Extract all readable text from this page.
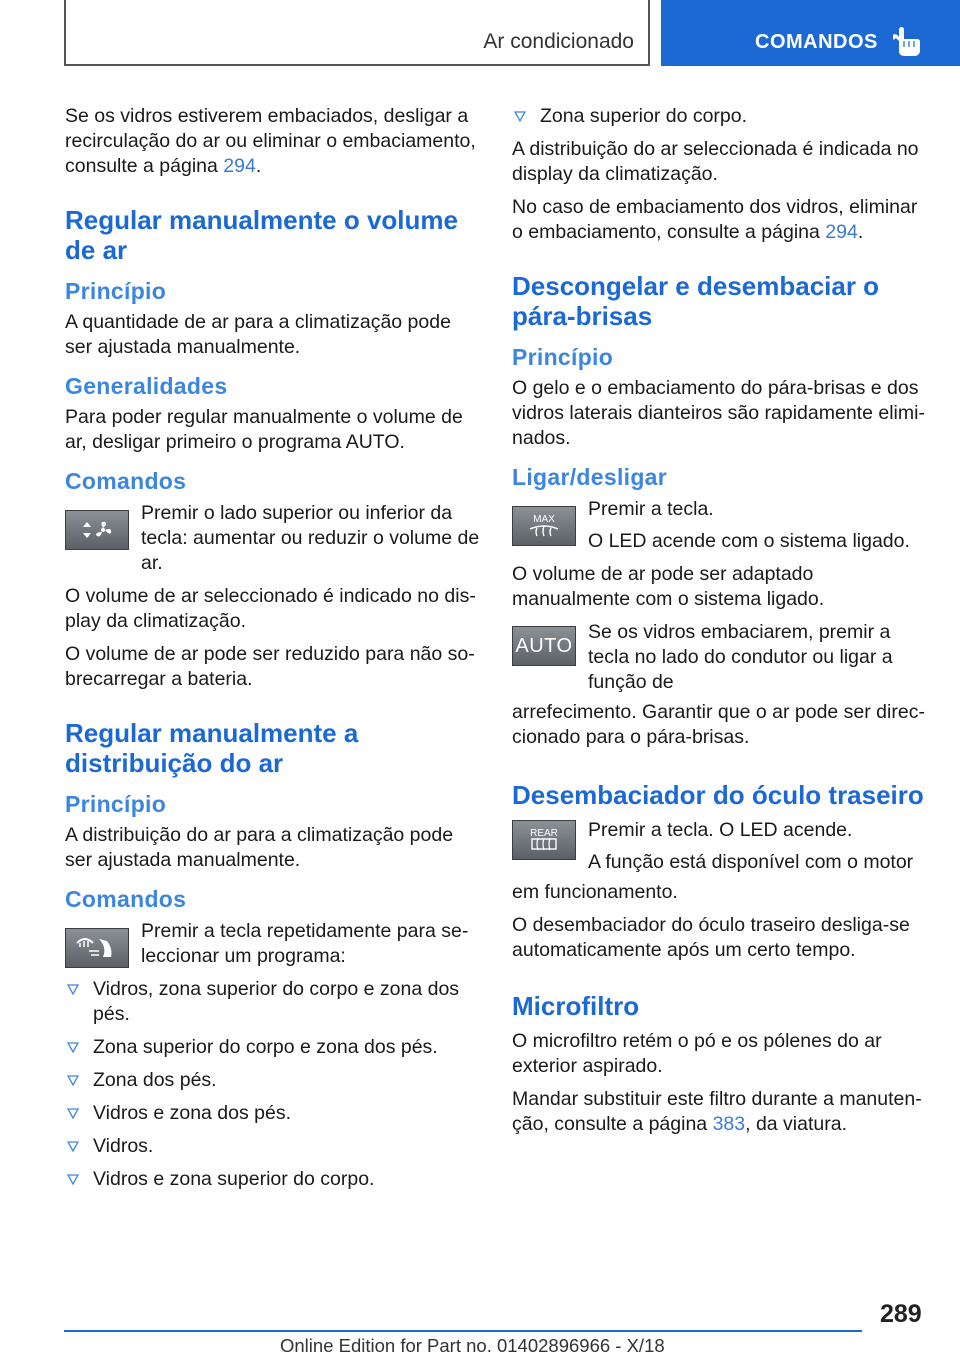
Ar condicionado	COMANDOS

Se os vidros estiverem embaciados, desligar a recirculação do ar ou eliminar o embaciamento, consulte a página 294.

Regular manualmente o volume de ar
Princípio

A quantidade de ar para a climatização pode ser ajustada manualmente.

Generalidades

Para poder regular manualmente o volume de ar, desligar primeiro o programa AUTO.

Comandos

Premir o lado superior ou inferior da tecla: aumentar ou reduzir o volume de ar.

O volume de ar seleccionado é indicado no display da climatização.

O volume de ar pode ser reduzido para não sobrecarregar a bateria.

Regular manualmente a distribuição do ar
Princípio

A distribuição do ar para a climatização pode ser ajustada manualmente.

Comandos

Premir a tecla repetidamente para seleccionar um programa:

Vidros, zona superior do corpo e zona dos pés.
Zona superior do corpo e zona dos pés.
Zona dos pés.
Vidros e zona dos pés.
Vidros.
Vidros e zona superior do corpo.
Zona superior do corpo.

A distribuição do ar seleccionada é indicada no display da climatização.

No caso de embaciamento dos vidros, eliminar o embaciamento, consulte a página 294.

Descongelar e desembaciar o pára-brisas
Princípio

O gelo e o embaciamento do pára-brisas e dos vidros laterais dianteiros são rapidamente eliminados.

Ligar/desligar
MAX Premir a tecla.

O LED acende com o sistema ligado.

O volume de ar pode ser adaptado manualmente com o sistema ligado.

AUTO

Se os vidros embaciarem, premir a tecla no lado do condutor ou ligar a função de

arrefecimento. Garantir que o ar pode ser direccionado para o pára-brisas.

Desembaciador do óculo traseiro
REAR Premir a tecla. O LED acende.

A função está disponível com o motor

em funcionamento.

O desembaciador do óculo traseiro desliga-se automaticamente após um certo tempo.

Microfiltro

O microfiltro retém o pó e os pólenes do ar exterior aspirado.

Mandar substituir este filtro durante a manutenção, consulte a página 383, da viatura.

289
Online Edition for Part no. 01402896966 - X/18
